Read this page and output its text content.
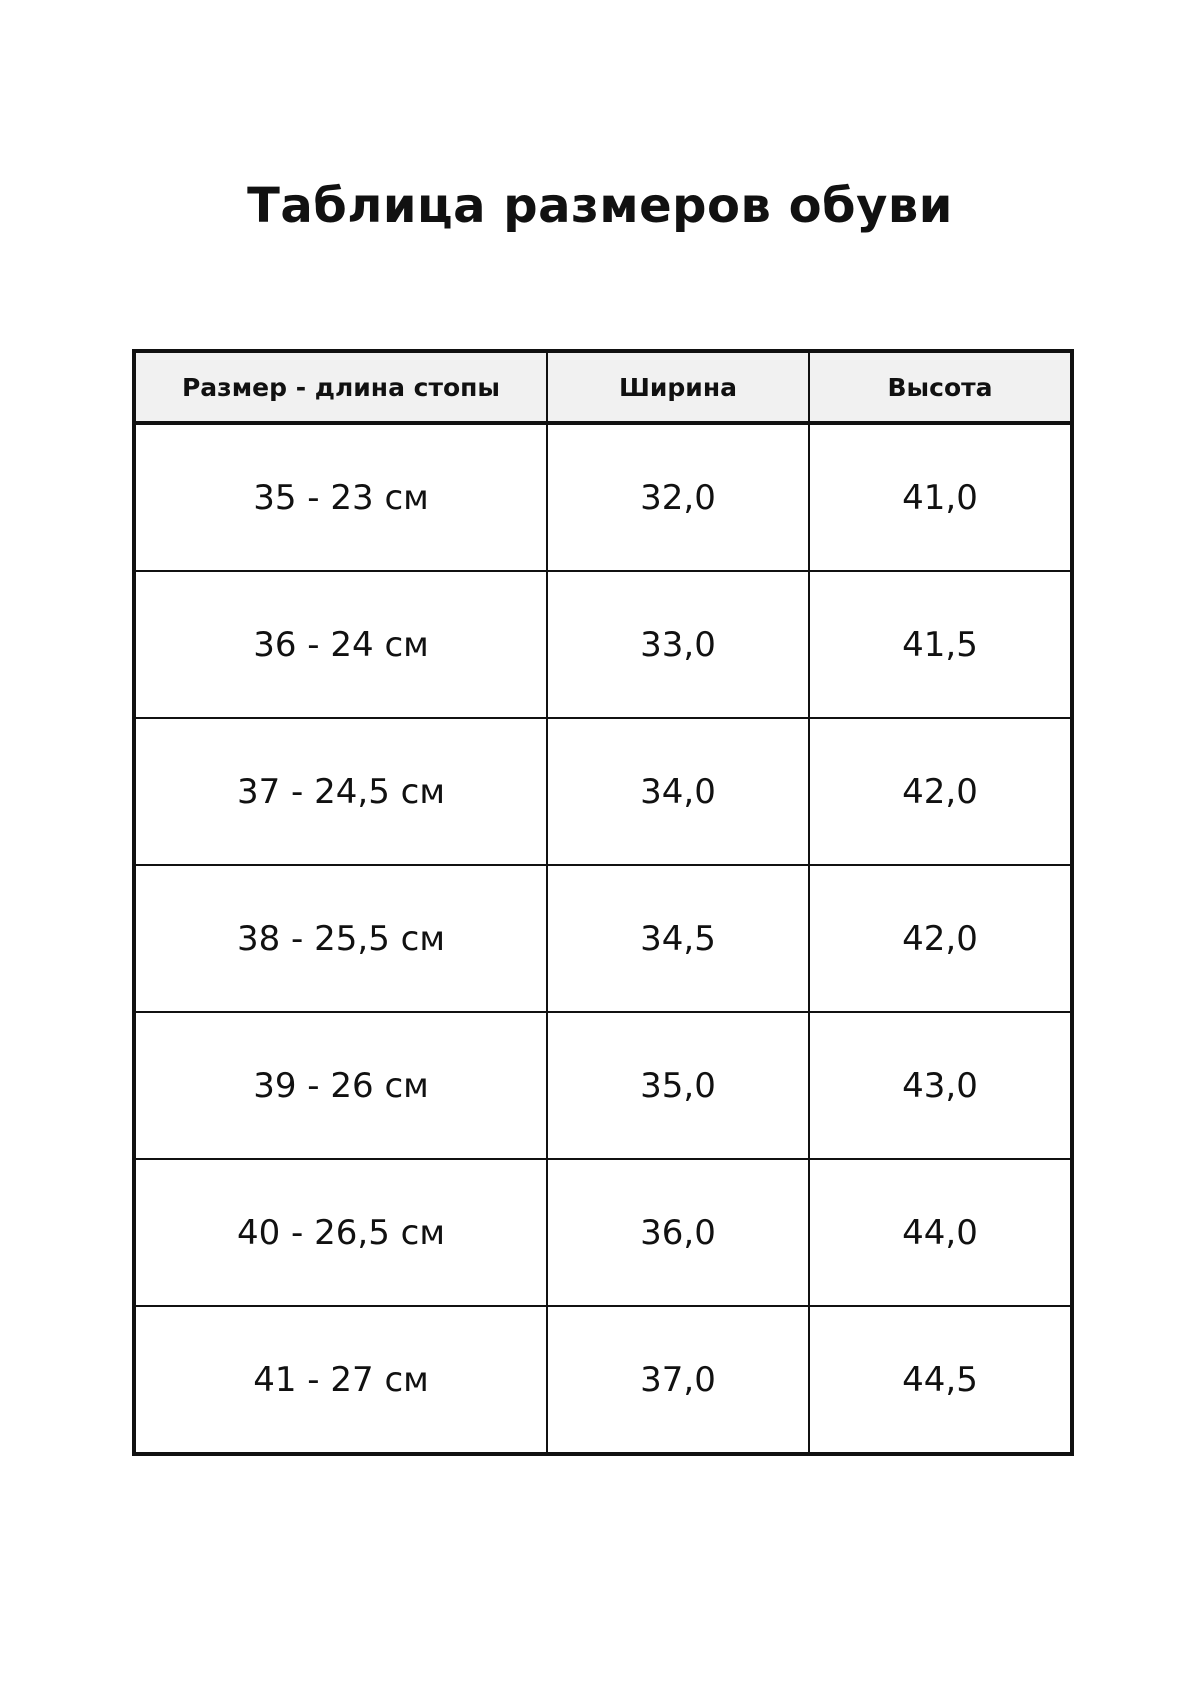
Таблица размеров обуви
Размер - длина стопы	Ширина	Высота
35 - 23 см	32,0	41,0
36 - 24 см	33,0	41,5
37 - 24,5 см	34,0	42,0
38 - 25,5 см	34,5	42,0
39 - 26 см	35,0	43,0
40 - 26,5 см	36,0	44,0
41 - 27 см	37,0	44,5
